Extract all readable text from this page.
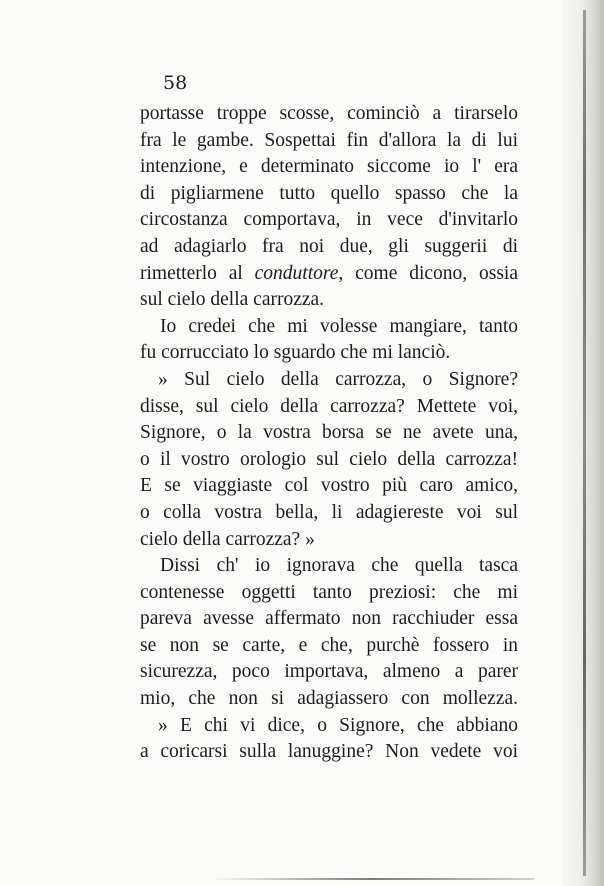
58
portasse troppe scosse, cominciò a tirarselo
fra le gambe. Sospettai fin d'allora la di lui
intenzione, e determinato siccome io l' era
di pigliarmene tutto quello spasso che la
circostanza comportava, in vece d'invitarlo
ad adagiarlo fra noi due, gli suggerii di
rimetterlo al conduttore, come dicono, ossia
sul cielo della carrozza.
Io credei che mi volesse mangiare, tanto
fu corrucciato lo sguardo che mi lanciò.
» Sul cielo della carrozza, o Signore?
disse, sul cielo della carrozza? Mettete voi,
Signore, o la vostra borsa se ne avete una,
o il vostro orologio sul cielo della carrozza!
E se viaggiaste col vostro più caro amico,
o colla vostra bella, li adagiereste voi sul
cielo della carrozza? »
Dissi ch' io ignorava che quella tasca
contenesse oggetti tanto preziosi: che mi
pareva avesse affermato non racchiuder essa
se non se carte, e che, purchè fossero in
sicurezza, poco importava, almeno a parer
mio, che non si adagiassero con mollezza.
» E chi vi dice, o Signore, che abbiano
a coricarsi sulla lanuggine? Non vedete voi
